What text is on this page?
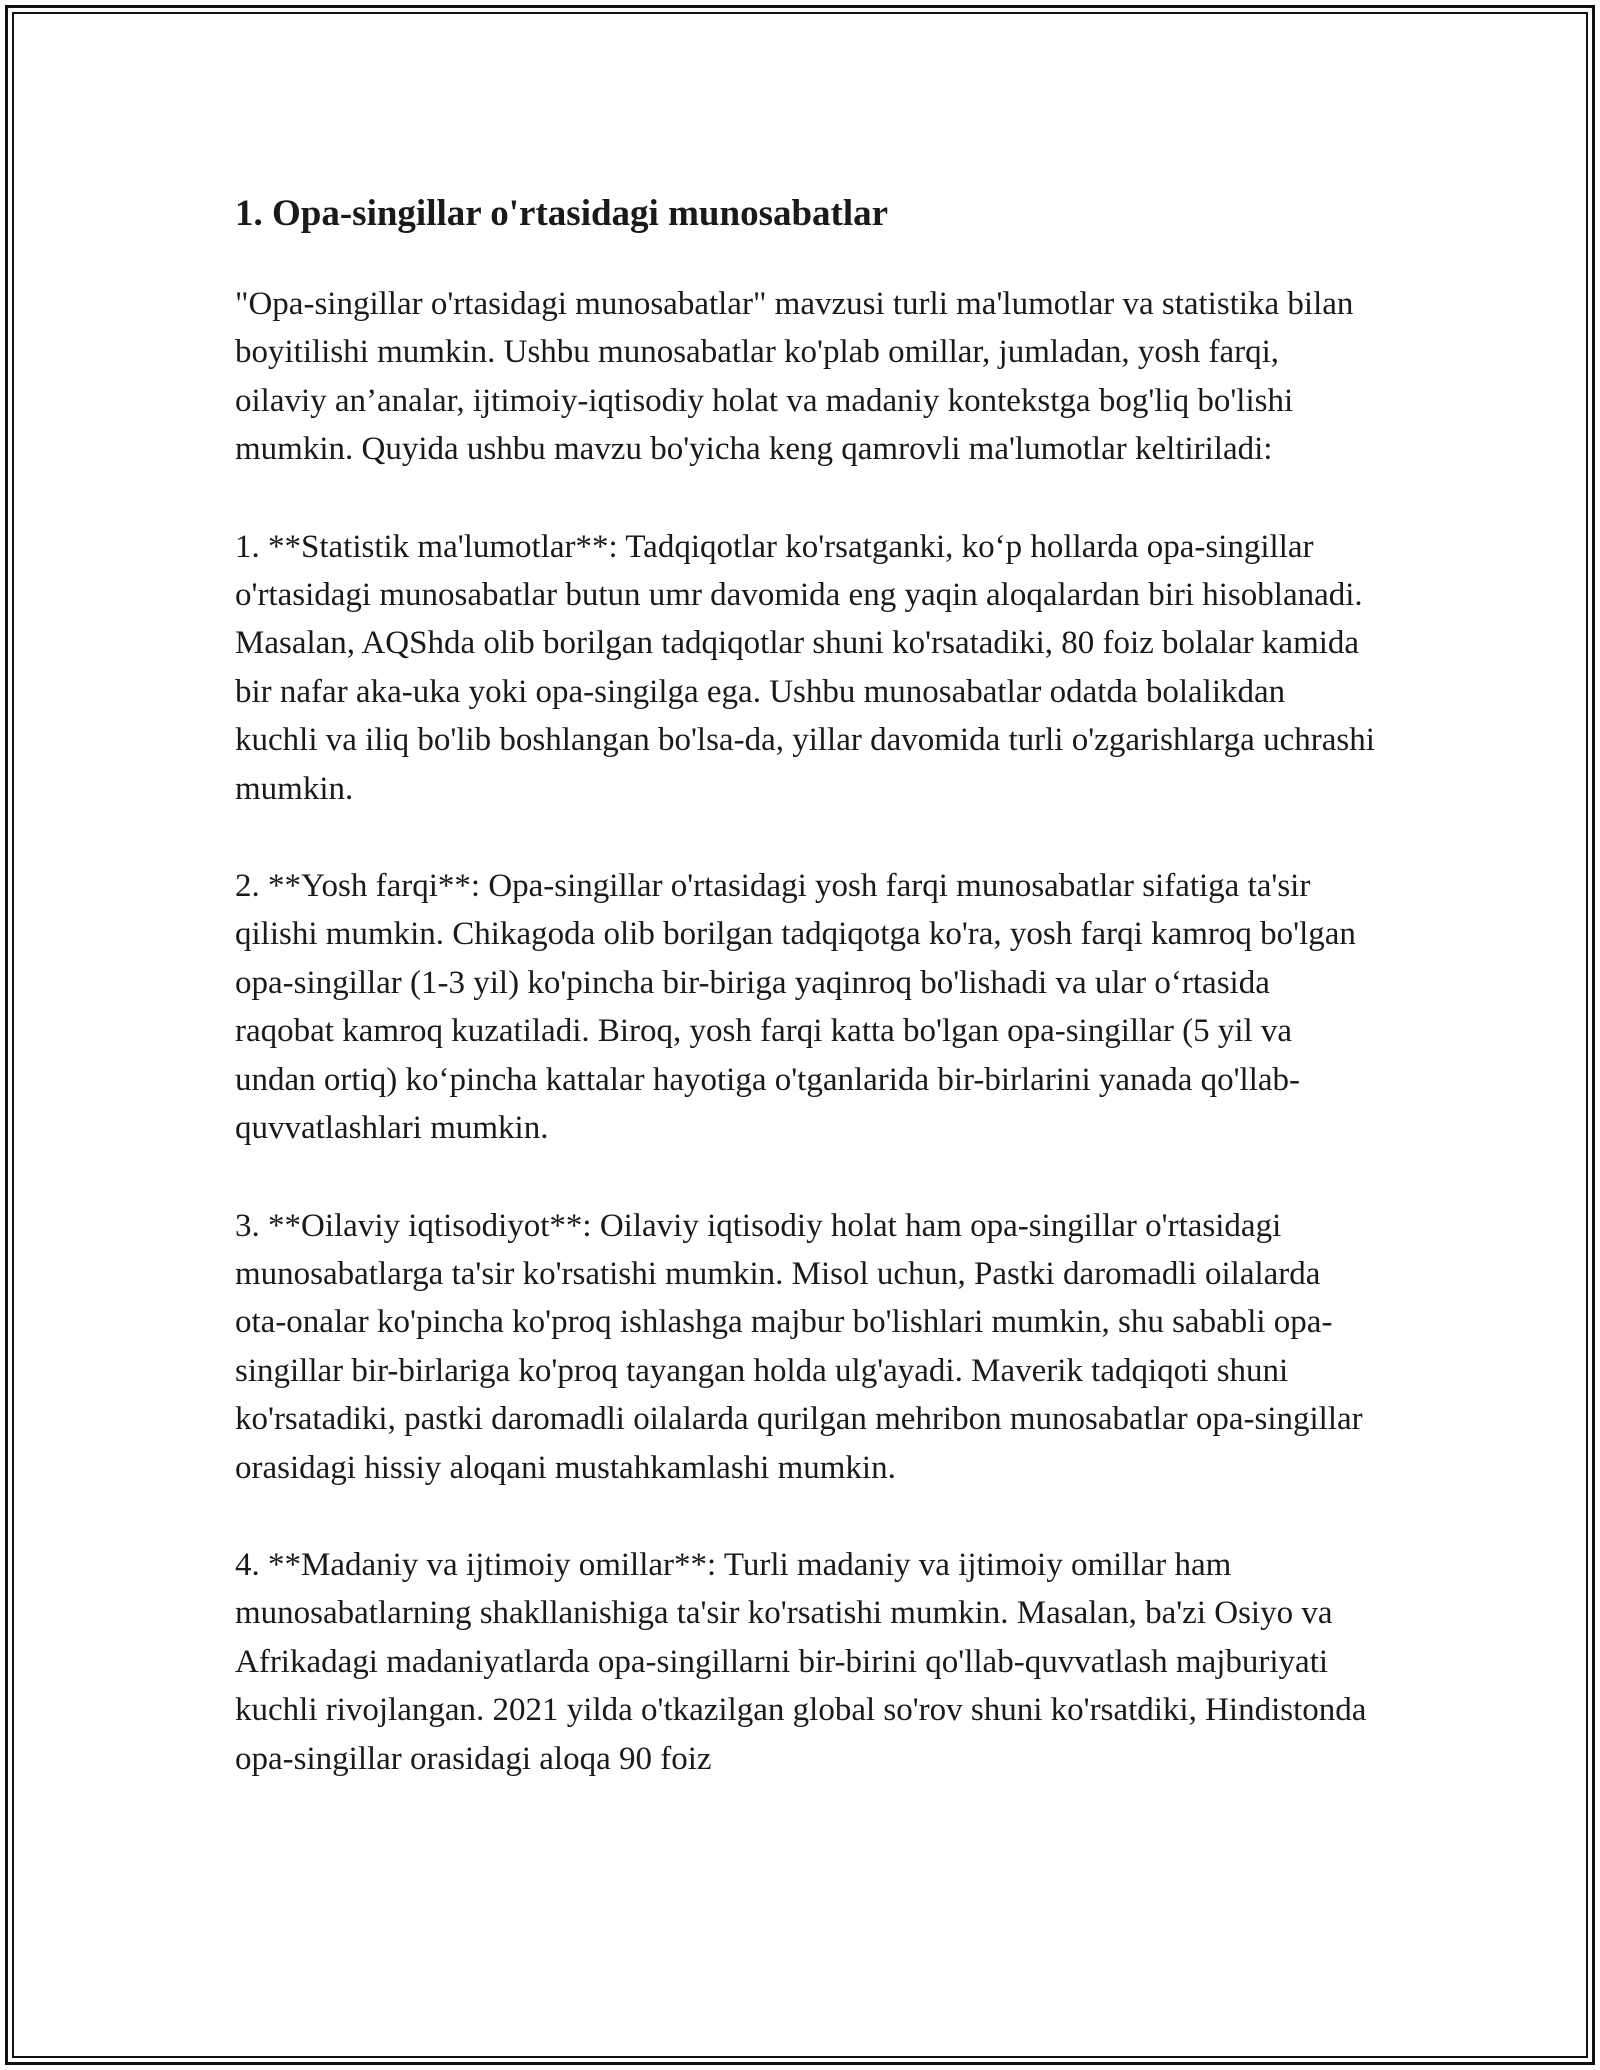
1. Opa-singillar o'rtasidagi munosabatlar

"Opa-singillar o'rtasidagi munosabatlar" mavzusi turli ma'lumotlar va statistika bilan boyitilishi mumkin. Ushbu munosabatlar ko'plab omillar, jumladan, yosh farqi, oilaviy an’analar, ijtimoiy-iqtisodiy holat va madaniy kontekstga bog'liq bo'lishi mumkin. Quyida ushbu mavzu bo'yicha keng qamrovli ma'lumotlar keltiriladi:

1. **Statistik ma'lumotlar**: Tadqiqotlar ko'rsatganki, koʻp hollarda opa-singillar o'rtasidagi munosabatlar butun umr davomida eng yaqin aloqalardan biri hisoblanadi. Masalan, AQShda olib borilgan tadqiqotlar shuni ko'rsatadiki, 80 foiz bolalar kamida bir nafar aka-uka yoki opa-singilga ega. Ushbu munosabatlar odatda bolalikdan kuchli va iliq bo'lib boshlangan bo'lsa-da, yillar davomida turli o'zgarishlarga uchrashi mumkin.

2. **Yosh farqi**: Opa-singillar o'rtasidagi yosh farqi munosabatlar sifatiga ta'sir qilishi mumkin. Chikagoda olib borilgan tadqiqotga ko'ra, yosh farqi kamroq bo'lgan opa-singillar (1-3 yil) ko'pincha bir-biriga yaqinroq bo'lishadi va ular oʻrtasida raqobat kamroq kuzatiladi. Biroq, yosh farqi katta bo'lgan opa-singillar (5 yil va undan ortiq) koʻpincha kattalar hayotiga o'tganlarida bir-birlarini yanada qo'llab-quvvatlashlari mumkin.

3. **Oilaviy iqtisodiyot**: Oilaviy iqtisodiy holat ham opa-singillar o'rtasidagi munosabatlarga ta'sir ko'rsatishi mumkin. Misol uchun, Pastki daromadli oilalarda ota-onalar ko'pincha ko'proq ishlashga majbur bo'lishlari mumkin, shu sababli opa-singillar bir-birlariga ko'proq tayangan holda ulg'ayadi. Maverik tadqiqoti shuni ko'rsatadiki, pastki daromadli oilalarda qurilgan mehribon munosabatlar opa-singillar orasidagi hissiy aloqani mustahkamlashi mumkin.

4. **Madaniy va ijtimoiy omillar**: Turli madaniy va ijtimoiy omillar ham munosabatlarning shakllanishiga ta'sir ko'rsatishi mumkin. Masalan, ba'zi Osiyo va Afrikadagi madaniyatlarda opa-singillarni bir-birini qo'llab-quvvatlash majburiyati kuchli rivojlangan. 2021 yilda o'tkazilgan global so'rov shuni ko'rsatdiki, Hindistonda opa-singillar orasidagi aloqa 90 foiz
